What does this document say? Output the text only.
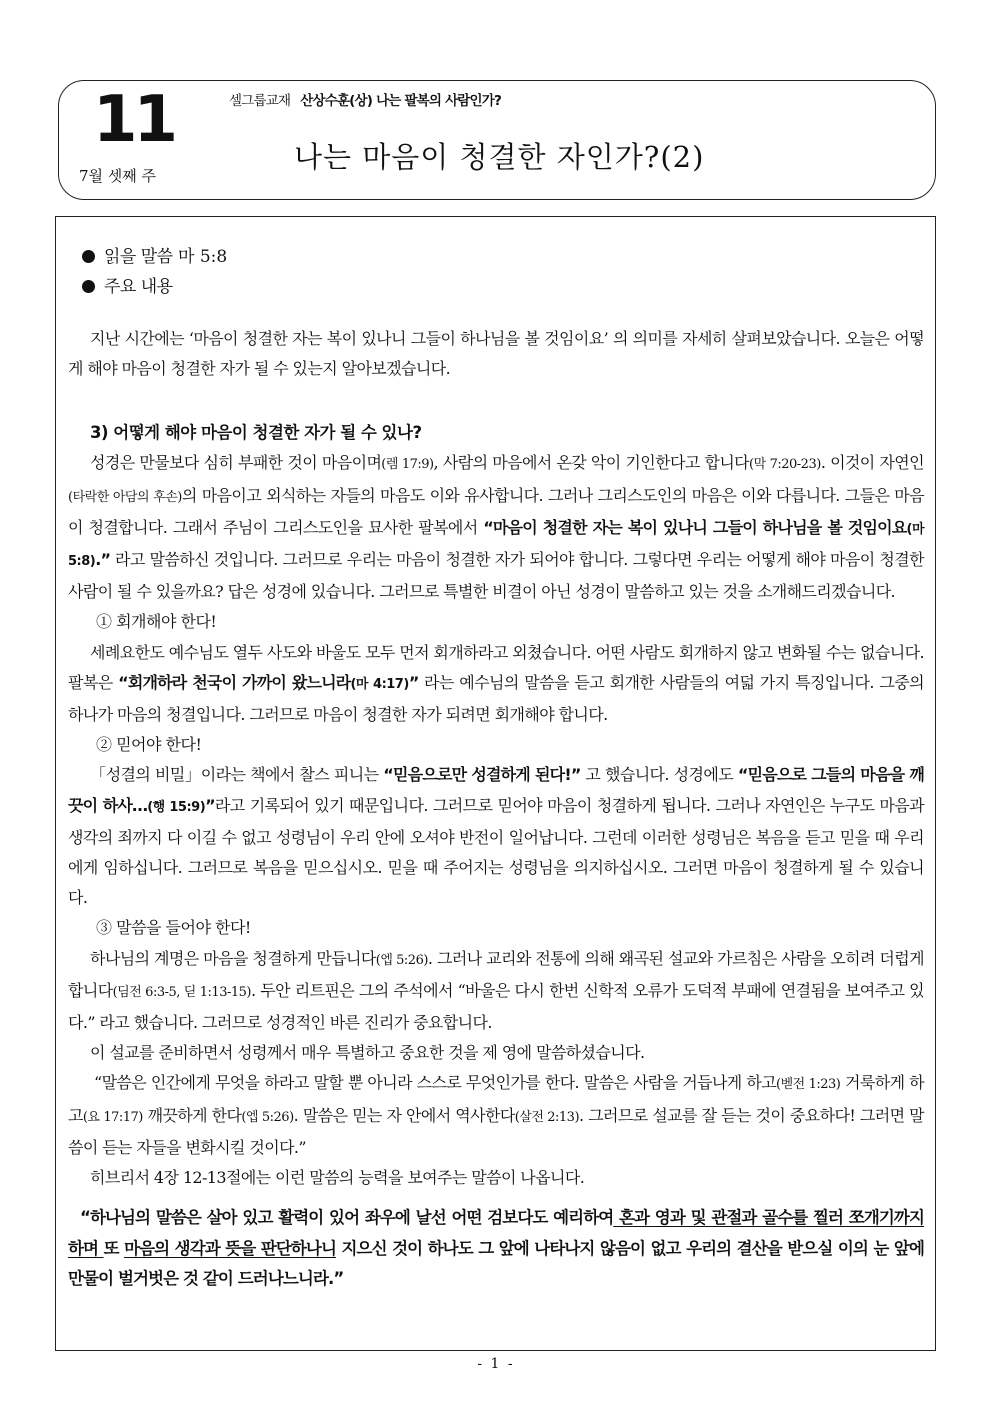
11
7월 셋째 주
셀그룹교재 산상수훈(상) 나는 팔복의 사람인가?
나는 마음이 청결한 자인가?(2)
읽을 말씀 마 5:8
주요 내용

지난 시간에는 ‘마음이 청결한 자는 복이 있나니 그들이 하나님을 볼 것임이요’ 의 의미를 자세히 살펴보았습니다. 오늘은 어떻게 해야 마음이 청결한 자가 될 수 있는지 알아보겠습니다.

3) 어떻게 해야 마음이 청결한 자가 될 수 있나?

성경은 만물보다 심히 부패한 것이 마음이며(렘 17:9), 사람의 마음에서 온갖 악이 기인한다고 합니다(막 7:20-23). 이것이 자연인(타락한 아담의 후손)의 마음이고 외식하는 자들의 마음도 이와 유사합니다. 그러나 그리스도인의 마음은 이와 다릅니다. 그들은 마음이 청결합니다. 그래서 주님이 그리스도인을 묘사한 팔복에서 “마음이 청결한 자는 복이 있나니 그들이 하나님을 볼 것임이요(마 5:8).” 라고 말씀하신 것입니다. 그러므로 우리는 마음이 청결한 자가 되어야 합니다. 그렇다면 우리는 어떻게 해야 마음이 청결한 사람이 될 수 있을까요? 답은 성경에 있습니다. 그러므로 특별한 비결이 아닌 성경이 말씀하고 있는 것을 소개해드리겠습니다.

① 회개해야 한다!

세례요한도 예수님도 열두 사도와 바울도 모두 먼저 회개하라고 외쳤습니다. 어떤 사람도 회개하지 않고 변화될 수는 없습니다. 팔복은 “회개하라 천국이 가까이 왔느니라(마 4:17)” 라는 예수님의 말씀을 듣고 회개한 사람들의 여덟 가지 특징입니다. 그중의 하나가 마음의 청결입니다. 그러므로 마음이 청결한 자가 되려면 회개해야 합니다.

② 믿어야 한다!

「성결의 비밀」이라는 책에서 찰스 피니는 “믿음으로만 성결하게 된다!” 고 했습니다. 성경에도 “믿음으로 그들의 마음을 깨끗이 하사…(행 15:9)”라고 기록되어 있기 때문입니다. 그러므로 믿어야 마음이 청결하게 됩니다. 그러나 자연인은 누구도 마음과 생각의 죄까지 다 이길 수 없고 성령님이 우리 안에 오셔야 반전이 일어납니다. 그런데 이러한 성령님은 복음을 듣고 믿을 때 우리에게 임하십니다. 그러므로 복음을 믿으십시오. 믿을 때 주어지는 성령님을 의지하십시오. 그러면 마음이 청결하게 될 수 있습니다.

③ 말씀을 들어야 한다!

하나님의 계명은 마음을 청결하게 만듭니다(엡 5:26). 그러나 교리와 전통에 의해 왜곡된 설교와 가르침은 사람을 오히려 더럽게 합니다(딤전 6:3-5, 딛 1:13-15). 두안 리트핀은 그의 주석에서 “바울은 다시 한번 신학적 오류가 도덕적 부패에 연결됨을 보여주고 있다.” 라고 했습니다. 그러므로 성경적인 바른 진리가 중요합니다.

이 설교를 준비하면서 성령께서 매우 특별하고 중요한 것을 제 영에 말씀하셨습니다.

“말씀은 인간에게 무엇을 하라고 말할 뿐 아니라 스스로 무엇인가를 한다. 말씀은 사람을 거듭나게 하고(벧전 1:23) 거룩하게 하고(요 17:17) 깨끗하게 한다(엡 5:26). 말씀은 믿는 자 안에서 역사한다(살전 2:13). 그러므로 설교를 잘 듣는 것이 중요하다! 그러면 말씀이 듣는 자들을 변화시킬 것이다.”

히브리서 4장 12-13절에는 이런 말씀의 능력을 보여주는 말씀이 나옵니다.

“하나님의 말씀은 살아 있고 활력이 있어 좌우에 날선 어떤 검보다도 예리하여 혼과 영과 및 관절과 골수를 찔러 쪼개기까지 하며 또 마음의 생각과 뜻을 판단하나니 지으신 것이 하나도 그 앞에 나타나지 않음이 없고 우리의 결산을 받으실 이의 눈 앞에 만물이 벌거벗은 것 같이 드러나느니라.”

- 1 -
